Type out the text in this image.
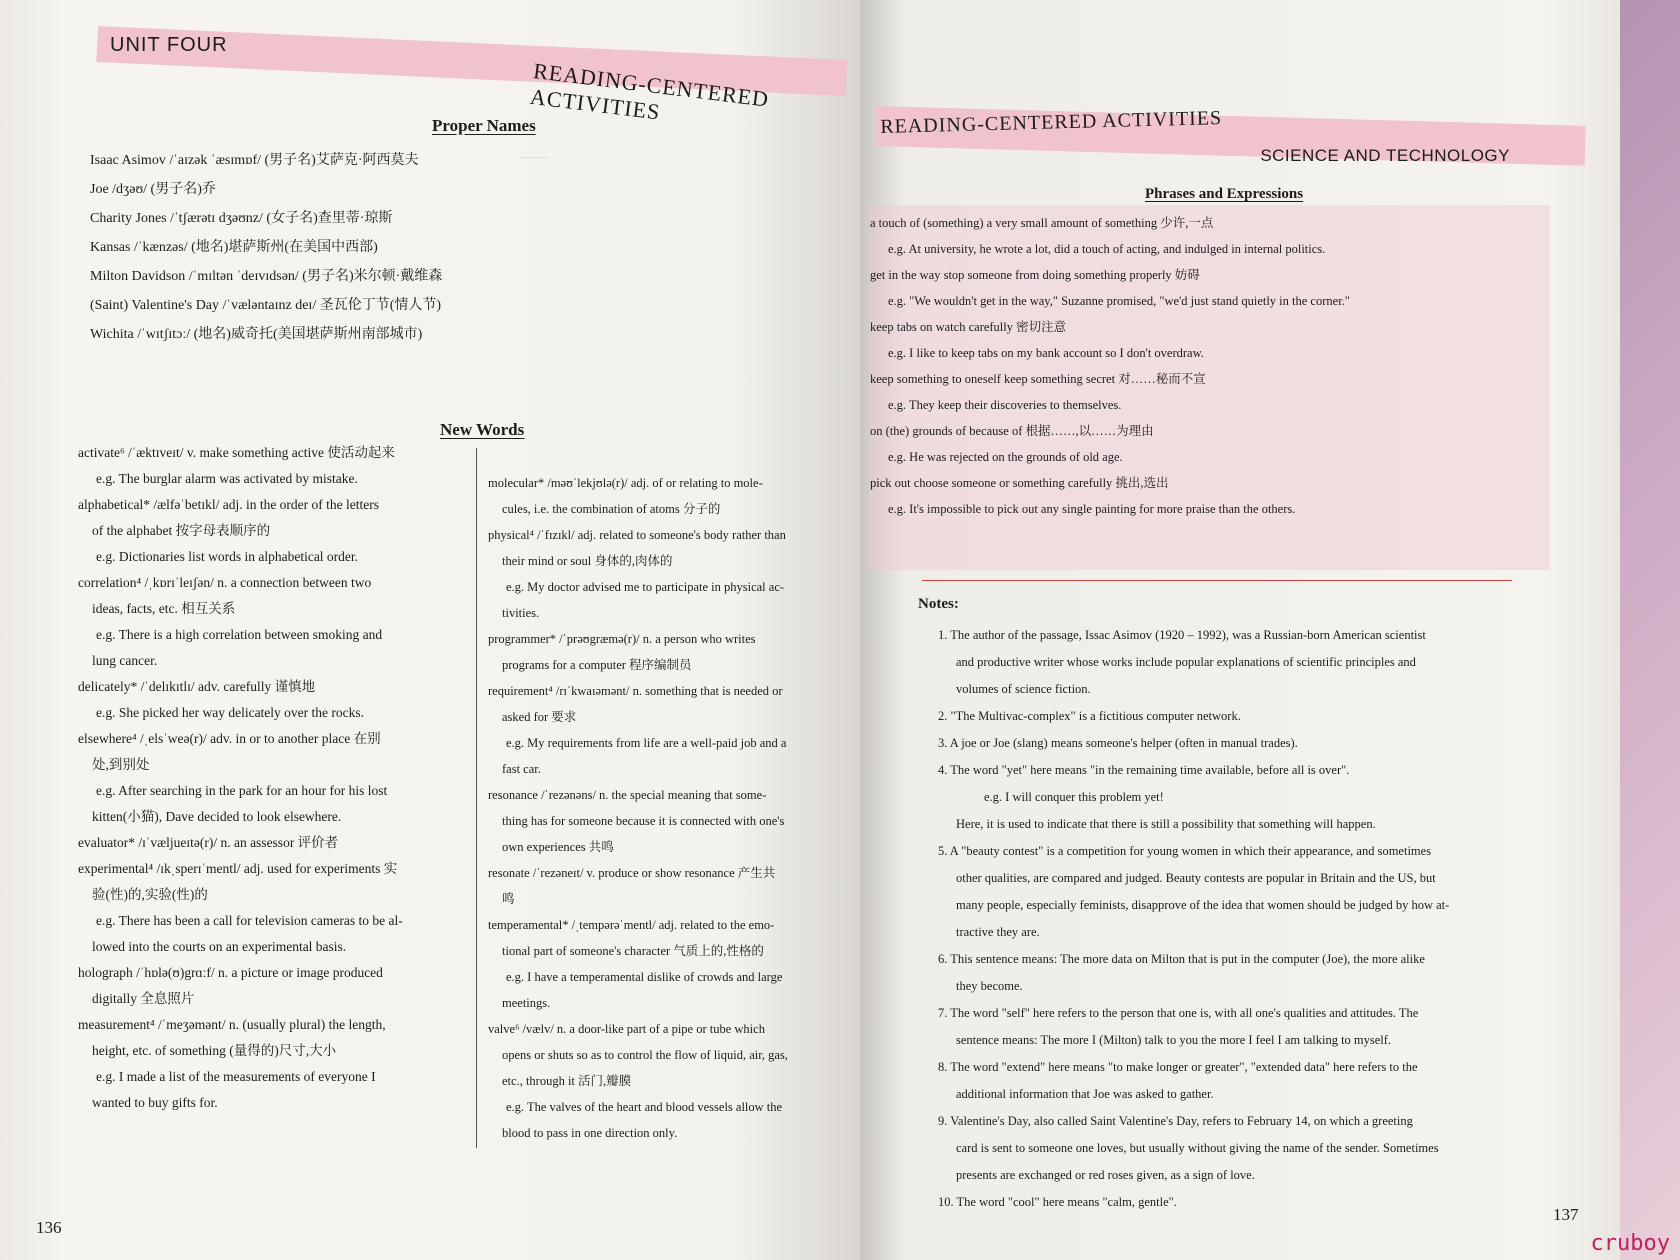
UNIT FOUR
READING-CENTERED ACTIVITIES
Proper Names
Isaac Asimov /ˈaɪzək ˈæsɪmɒf/ (男子名)艾萨克·阿西莫夫
Joe /dʒəʊ/ (男子名)乔
Charity Jones /ˈtʃærətɪ dʒəʊnz/ (女子名)查里蒂·琼斯
Kansas /ˈkænzəs/ (地名)堪萨斯州(在美国中西部)
Milton Davidson /ˈmɪltən ˈdeɪvɪdsən/ (男子名)米尔顿·戴维森
(Saint) Valentine's Day /ˈvæləntaɪnz deɪ/ 圣瓦伦丁节(情人节)
Wichita /ˈwɪtʃɪtɔː/ (地名)威奇托(美国堪萨斯州南部城市)
——
New Words
activate⁶ /ˈæktɪveɪt/ v. make something active 使活动起来
e.g. The burglar alarm was activated by mistake.
alphabetical* /ælfəˈbetɪkl/ adj. in the order of the letters
of the alphabet 按字母表顺序的
e.g. Dictionaries list words in alphabetical order.
correlation⁴ /ˌkɒrɪˈleɪʃən/ n. a connection between two
ideas, facts, etc. 相互关系
e.g. There is a high correlation between smoking and
lung cancer.
delicately* /ˈdelɪkɪtlɪ/ adv. carefully 谨慎地
e.g. She picked her way delicately over the rocks.
elsewhere⁴ /ˌelsˈweə(r)/ adv. in or to another place 在别
处,到别处
e.g. After searching in the park for an hour for his lost
kitten(小猫), Dave decided to look elsewhere.
evaluator* /ɪˈvæljueɪtə(r)/ n. an assessor 评价者
experimental⁴ /ɪkˌsperɪˈmentl/ adj. used for experiments 实
验(性)的,实验(性)的
e.g. There has been a call for television cameras to be al-
lowed into the courts on an experimental basis.
holograph /ˈhɒlə(ʊ)grɑːf/ n. a picture or image produced
digitally 全息照片
measurement⁴ /ˈmeʒəmənt/ n. (usually plural) the length,
height, etc. of something (量得的)尺寸,大小
e.g. I made a list of the measurements of everyone I
wanted to buy gifts for.
molecular* /məʊˈlekjʊlə(r)/ adj. of or relating to mole-
cules, i.e. the combination of atoms 分子的
physical⁴ /ˈfɪzɪkl/ adj. related to someone's body rather than
their mind or soul 身体的,肉体的
e.g. My doctor advised me to participate in physical ac-
tivities.
programmer* /ˈprəʊgræmə(r)/ n. a person who writes
programs for a computer 程序编制员
requirement⁴ /rɪˈkwaɪəmənt/ n. something that is needed or
asked for 要求
e.g. My requirements from life are a well-paid job and a
fast car.
resonance /ˈrezənəns/ n. the special meaning that some-
thing has for someone because it is connected with one's
own experiences 共鸣
resonate /ˈrezəneɪt/ v. produce or show resonance 产生共
鸣
temperamental* /ˌtempərəˈmentl/ adj. related to the emo-
tional part of someone's character 气质上的,性格的
e.g. I have a temperamental dislike of crowds and large
meetings.
valve⁶ /vælv/ n. a door-like part of a pipe or tube which
opens or shuts so as to control the flow of liquid, air, gas,
etc., through it 活门,瓣膜
e.g. The valves of the heart and blood vessels allow the
blood to pass in one direction only.
136
READING-CENTERED ACTIVITIES
SCIENCE AND TECHNOLOGY
137
Phrases and Expressions
a touch of (something) a very small amount of something 少许,一点
e.g. At university, he wrote a lot, did a touch of acting, and indulged in internal politics.
get in the way stop someone from doing something properly 妨碍
e.g. "We wouldn't get in the way," Suzanne promised, "we'd just stand quietly in the corner."
keep tabs on watch carefully 密切注意
e.g. I like to keep tabs on my bank account so I don't overdraw.
keep something to oneself keep something secret 对……秘而不宣
e.g. They keep their discoveries to themselves.
on (the) grounds of because of 根据……,以……为理由
e.g. He was rejected on the grounds of old age.
pick out choose someone or something carefully 挑出,选出
e.g. It's impossible to pick out any single painting for more praise than the others.
Notes:
1. The author of the passage, Issac Asimov (1920 – 1992), was a Russian-born American scientist
and productive writer whose works include popular explanations of scientific principles and
volumes of science fiction.
2. "The Multivac-complex" is a fictitious computer network.
3. A joe or Joe (slang) means someone's helper (often in manual trades).
4. The word "yet" here means "in the remaining time available, before all is over".
e.g. I will conquer this problem yet!
Here, it is used to indicate that there is still a possibility that something will happen.
5. A "beauty contest" is a competition for young women in which their appearance, and sometimes
other qualities, are compared and judged. Beauty contests are popular in Britain and the US, but
many people, especially feminists, disapprove of the idea that women should be judged by how at-
tractive they are.
6. This sentence means: The more data on Milton that is put in the computer (Joe), the more alike
they become.
7. The word "self" here refers to the person that one is, with all one's qualities and attitudes. The
sentence means: The more I (Milton) talk to you the more I feel I am talking to myself.
8. The word "extend" here means "to make longer or greater", "extended data" here refers to the
additional information that Joe was asked to gather.
9. Valentine's Day, also called Saint Valentine's Day, refers to February 14, on which a greeting
card is sent to someone one loves, but usually without giving the name of the sender. Sometimes
presents are exchanged or red roses given, as a sign of love.
10. The word "cool" here means "calm, gentle".
cruboy
